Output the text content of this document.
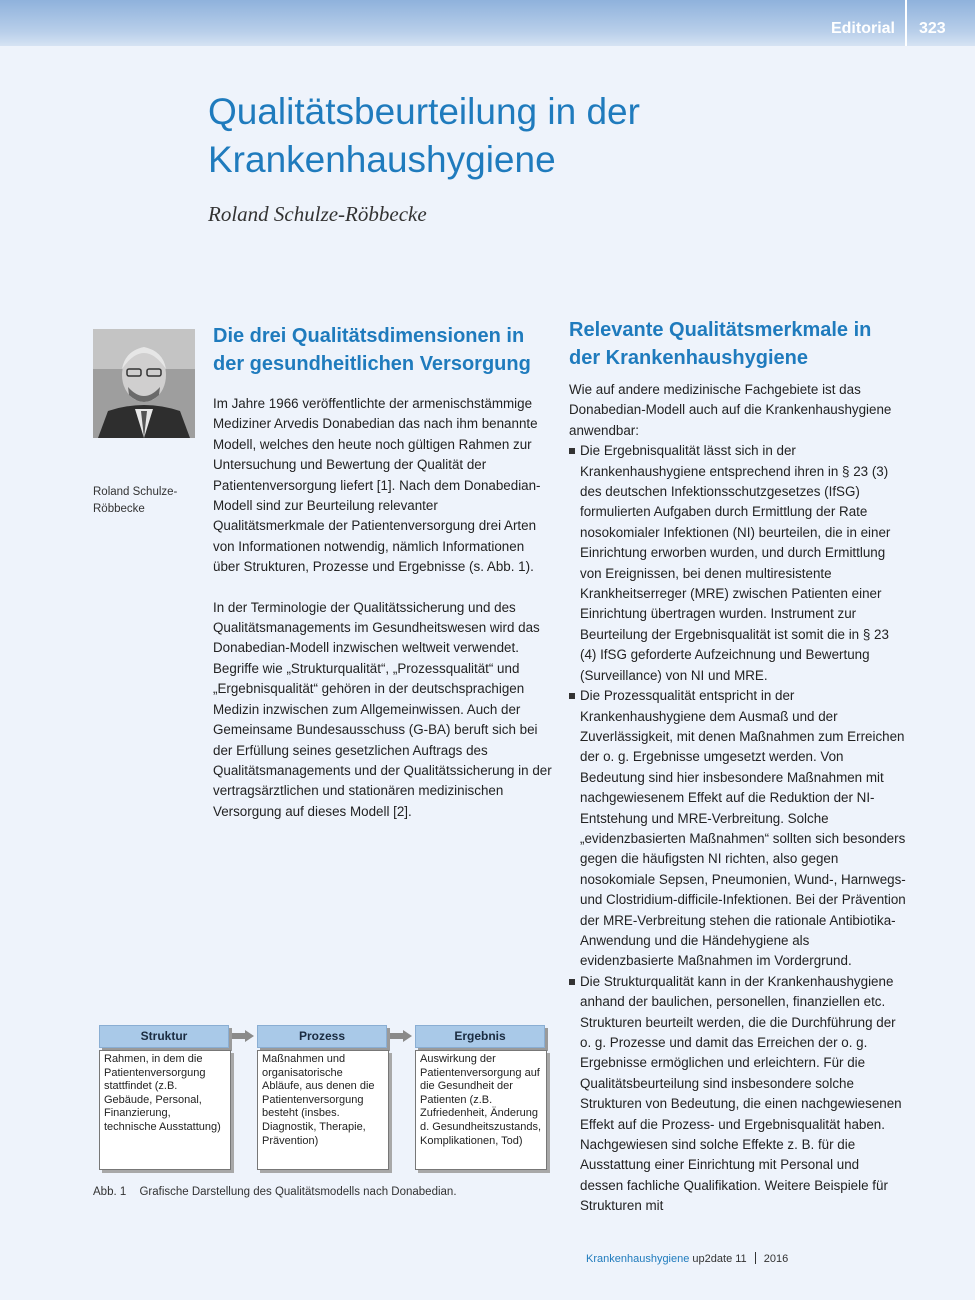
Editorial 323
Qualitätsbeurteilung in der Krankenhaushygiene

Roland Schulze-Röbbecke

Roland Schulze-Röbbecke
Die drei Qualitätsdimensionen in der gesundheitlichen Versorgung

Im Jahre 1966 veröffentlichte der armenischstämmige Mediziner Arvedis Donabedian das nach ihm benannte Modell, welches den heute noch gültigen Rahmen zur Untersuchung und Bewertung der Qualität der Patientenversorgung liefert [1]. Nach dem Donabedian-Modell sind zur Beurteilung relevanter Qualitätsmerkmale der Patientenversorgung drei Arten von Informationen notwendig, nämlich Informationen über Strukturen, Prozesse und Ergebnisse (s. Abb. 1).

In der Terminologie der Qualitätssicherung und des Qualitätsmanagements im Gesundheitswesen wird das Donabedian-Modell inzwischen weltweit verwendet. Begriffe wie „Strukturqualität“, „Prozessqualität“ und „Ergebnisqualität“ gehören in der deutschsprachigen Medizin inzwischen zum Allgemeinwissen. Auch der Gemeinsame Bundesausschuss (G-BA) beruft sich bei der Erfüllung seines gesetzlichen Auftrags des Qualitätsmanagements und der Qualitätssicherung in der vertragsärztlichen und stationären medizinischen Versorgung auf dieses Modell [2].

Relevante Qualitätsmerkmale in der Krankenhaushygiene

Wie auf andere medizinische Fachgebiete ist das Donabedian-Modell auch auf die Krankenhaushygiene anwendbar:

Die Ergebnisqualität lässt sich in der Krankenhaushygiene entsprechend ihren in § 23 (3) des deutschen Infektionsschutzgesetzes (IfSG) formulierten Aufgaben durch Ermittlung der Rate nosokomialer Infektionen (NI) beurteilen, die in einer Einrichtung erworben wurden, und durch Ermittlung von Ereignissen, bei denen multiresistente Krankheitserreger (MRE) zwischen Patienten einer Einrichtung übertragen wurden. Instrument zur Beurteilung der Ergebnisqualität ist somit die in § 23 (4) IfSG geforderte Aufzeichnung und Bewertung (Surveillance) von NI und MRE.
Die Prozessqualität entspricht in der Krankenhaushygiene dem Ausmaß und der Zuverlässigkeit, mit denen Maßnahmen zum Erreichen der o. g. Ergebnisse umgesetzt werden. Von Bedeutung sind hier insbesondere Maßnahmen mit nachgewiesenem Effekt auf die Reduktion der NI-Entstehung und MRE-Verbreitung. Solche „evidenzbasierten Maßnahmen“ sollten sich besonders gegen die häufigsten NI richten, also gegen nosokomiale Sepsen, Pneumonien, Wund-, Harnwegs- und Clostridium-difficile-Infektionen. Bei der Prävention der MRE-Verbreitung stehen die rationale Antibiotika-Anwendung und die Händehygiene als evidenzbasierte Maßnahmen im Vordergrund.
Die Strukturqualität kann in der Krankenhaushygiene anhand der baulichen, personellen, finanziellen etc. Strukturen beurteilt werden, die die Durchführung der o. g. Prozesse und damit das Erreichen der o. g. Ergebnisse ermöglichen und erleichtern. Für die Qualitätsbeurteilung sind insbesondere solche Strukturen von Bedeutung, die einen nachgewiesenen Effekt auf die Prozess- und Ergebnisqualität haben. Nachgewiesen sind solche Effekte z. B. für die Ausstattung einer Einrichtung mit Personal und dessen fachliche Qualifikation. Weitere Beispiele für Strukturen mit
Struktur
Rahmen, in dem die Patientenversorgung stattfindet (z.B. Gebäude, Personal, Finanzierung, technische Ausstattung)
Prozess
Maßnahmen und organisatorische Abläufe, aus denen die Patientenversorgung besteht (insbes. Diagnostik, Therapie, Prävention)
Ergebnis
Auswirkung der Patientenversorgung auf die Gesundheit der Patienten (z.B. Zufriedenheit, Änderung d. Gesundheitszustands, Komplikationen, Tod)
Abb. 1 Grafische Darstellung des Qualitätsmodells nach Donabedian.
Krankenhaushygiene up2date 11 2016
